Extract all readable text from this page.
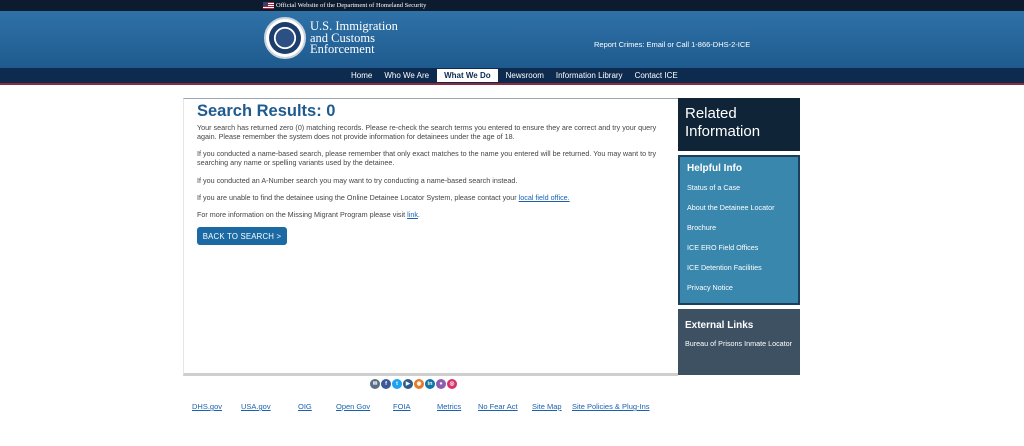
Official Website of the Department of Homeland Security
U.S. Immigration
and Customs
Enforcement	Report Crimes: Email or Call 1-866-DHS-2-ICE
Home	Who We Are	What We Do	Newsroom	Information Library	Contact ICE
Search Results: 0

Your search has returned zero (0) matching records. Please re-check the search terms you entered to ensure they are correct and try your query again. Please remember the system does not provide information for detainees under the age of 18.

If you conducted a name-based search, please remember that only exact matches to the name you entered will be returned. You may want to try searching any name or spelling variants used by the detainee.

If you conducted an A-Number search you may want to try conducting a name-based search instead.

If you are unable to find the detainee using the Online Detainee Locator System, please contact your local field office.

For more information on the Missing Migrant Program please visit link.

BACK TO SEARCH >
Related
Information
Helpful Info
Status of a Case
About the Detainee Locator
Brochure
ICE ERO Field Offices
ICE Detention Facilities
Privacy Notice
External Links
Bureau of Prisons Inmate Locator
✉	f	t	▶	◉	in	●	◎
DHS.gov	USA.gov	OIG	Open Gov	FOIA	Metrics No Fear Act Site Map Site Policies & Plug-Ins
